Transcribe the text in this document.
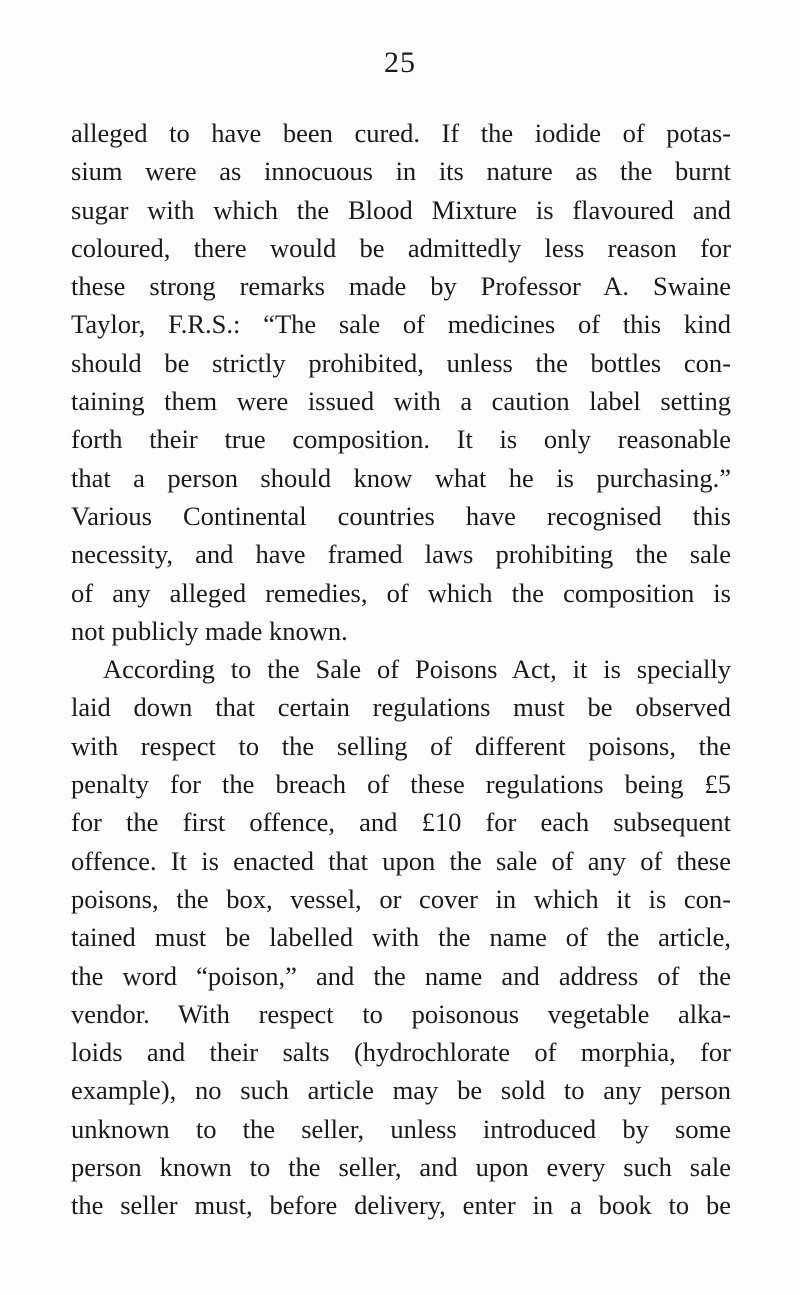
25
alleged to have been cured. If the iodide of potas-
sium were as innocuous in its nature as the burnt
sugar with which the Blood Mixture is flavoured and
coloured, there would be admittedly less reason for
these strong remarks made by Professor A. Swaine
Taylor, F.R.S.: “The sale of medicines of this kind
should be strictly prohibited, unless the bottles con-
taining them were issued with a caution label setting
forth their true composition. It is only reasonable
that a person should know what he is purchasing.”
Various Continental countries have recognised this
necessity, and have framed laws prohibiting the sale
of any alleged remedies, of which the composition is
not publicly made known.
According to the Sale of Poisons Act, it is specially
laid down that certain regulations must be observed
with respect to the selling of different poisons, the
penalty for the breach of these regulations being £5
for the first offence, and £10 for each subsequent
offence. It is enacted that upon the sale of any of these
poisons, the box, vessel, or cover in which it is con-
tained must be labelled with the name of the article,
the word “poison,” and the name and address of the
vendor. With respect to poisonous vegetable alka-
loids and their salts (hydrochlorate of morphia, for
example), no such article may be sold to any person
unknown to the seller, unless introduced by some
person known to the seller, and upon every such sale
the seller must, before delivery, enter in a book to be
